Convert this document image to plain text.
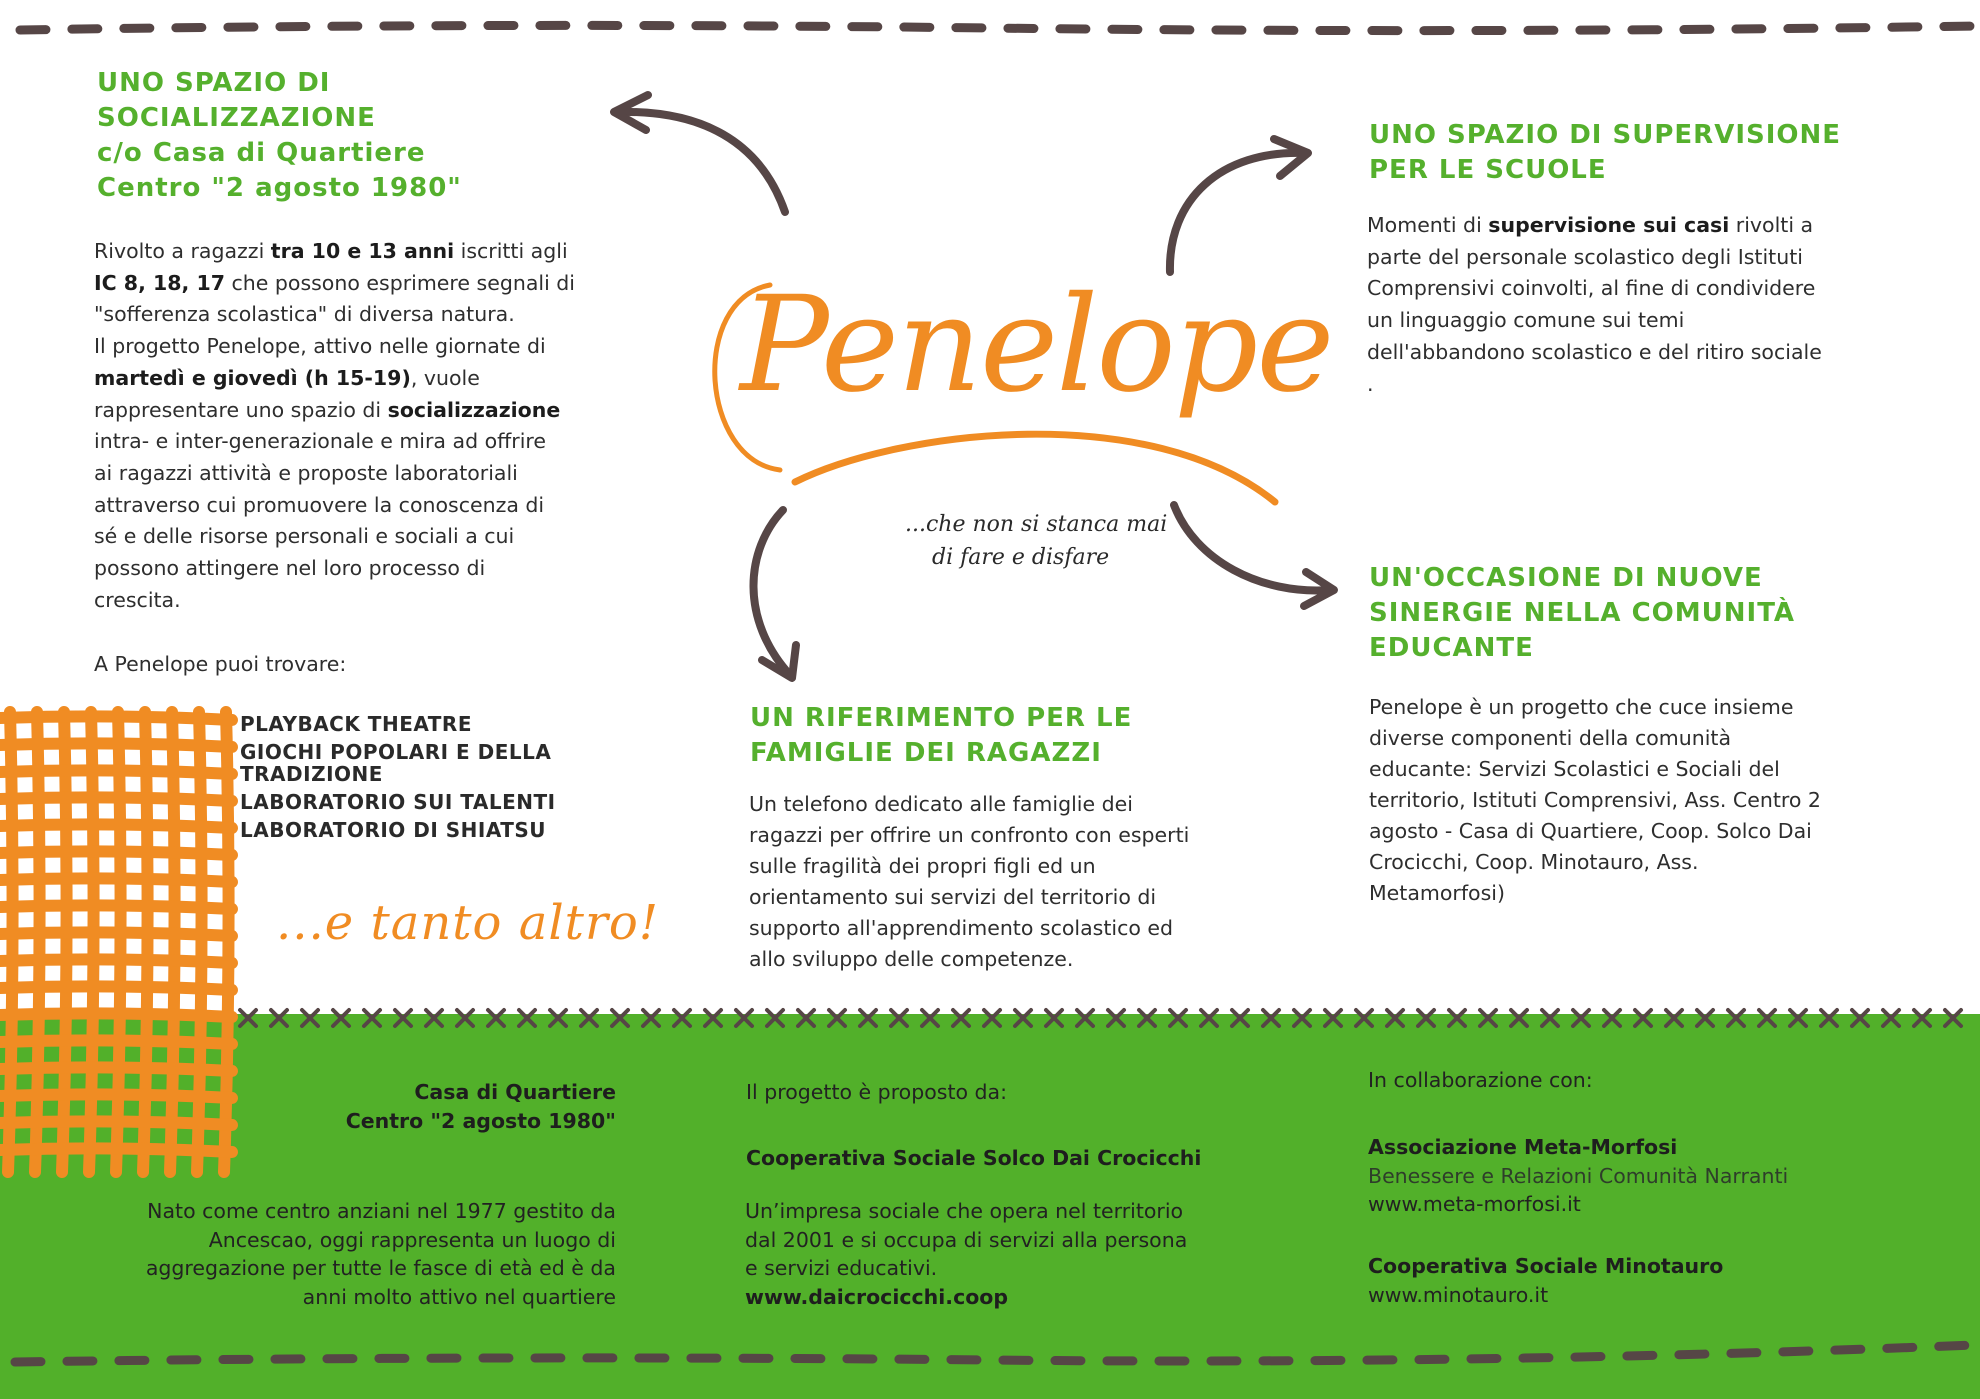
Penelope
...che non si stanca mai
di fare e disfare
UNO SPAZIO DI
SOCIALIZZAZIONE
c/o Casa di Quartiere
Centro "2 agosto 1980"
Rivolto a ragazzi tra 10 e 13 anni iscritti agli
IC 8, 18, 17 che possono esprimere segnali di
"sofferenza scolastica" di diversa natura.
Il progetto Penelope, attivo nelle giornate di
martedì e giovedì (h 15-19), vuole
rappresentare uno spazio di socializzazione
intra- e inter-generazionale e mira ad offrire
ai ragazzi attività e proposte laboratoriali
attraverso cui promuovere la conoscenza di
sé e delle risorse personali e sociali a cui
possono attingere nel loro processo di
crescita.
A Penelope puoi trovare:
PLAYBACK THEATRE
GIOCHI POPOLARI E DELLA
TRADIZIONE
LABORATORIO SUI TALENTI
LABORATORIO DI SHIATSU
...e tanto altro!
UNO SPAZIO DI SUPERVISIONE
PER LE SCUOLE
Momenti di supervisione sui casi rivolti a
parte del personale scolastico degli Istituti
Comprensivi coinvolti, al fine di condividere
un linguaggio comune sui temi
dell'abbandono scolastico e del ritiro sociale
.
UN RIFERIMENTO PER LE
FAMIGLIE DEI RAGAZZI
Un telefono dedicato alle famiglie dei
ragazzi per offrire un confronto con esperti
sulle fragilità dei propri figli ed un
orientamento sui servizi del territorio di
supporto all'apprendimento scolastico ed
allo sviluppo delle competenze.
UN'OCCASIONE DI NUOVE
SINERGIE NELLA COMUNITÀ
EDUCANTE
Penelope è un progetto che cuce insieme
diverse componenti della comunità
educante: Servizi Scolastici e Sociali del
territorio, Istituti Comprensivi, Ass. Centro 2
agosto - Casa di Quartiere, Coop. Solco Dai
Crocicchi, Coop. Minotauro, Ass.
Metamorfosi)
Casa di Quartiere
Centro "2 agosto 1980"
Nato come centro anziani nel 1977 gestito da
Ancescao, oggi rappresenta un luogo di
aggregazione per tutte le fasce di età ed è da
anni molto attivo nel quartiere
Il progetto è proposto da:
Cooperativa Sociale Solco Dai Crocicchi
Un’impresa sociale che opera nel territorio
dal 2001 e si occupa di servizi alla persona
e servizi educativi.
www.daicrocicchi.coop
In collaborazione con:
Associazione Meta-Morfosi
Benessere e Relazioni Comunità Narranti
www.meta-morfosi.it
Cooperativa Sociale Minotauro
www.minotauro.it
